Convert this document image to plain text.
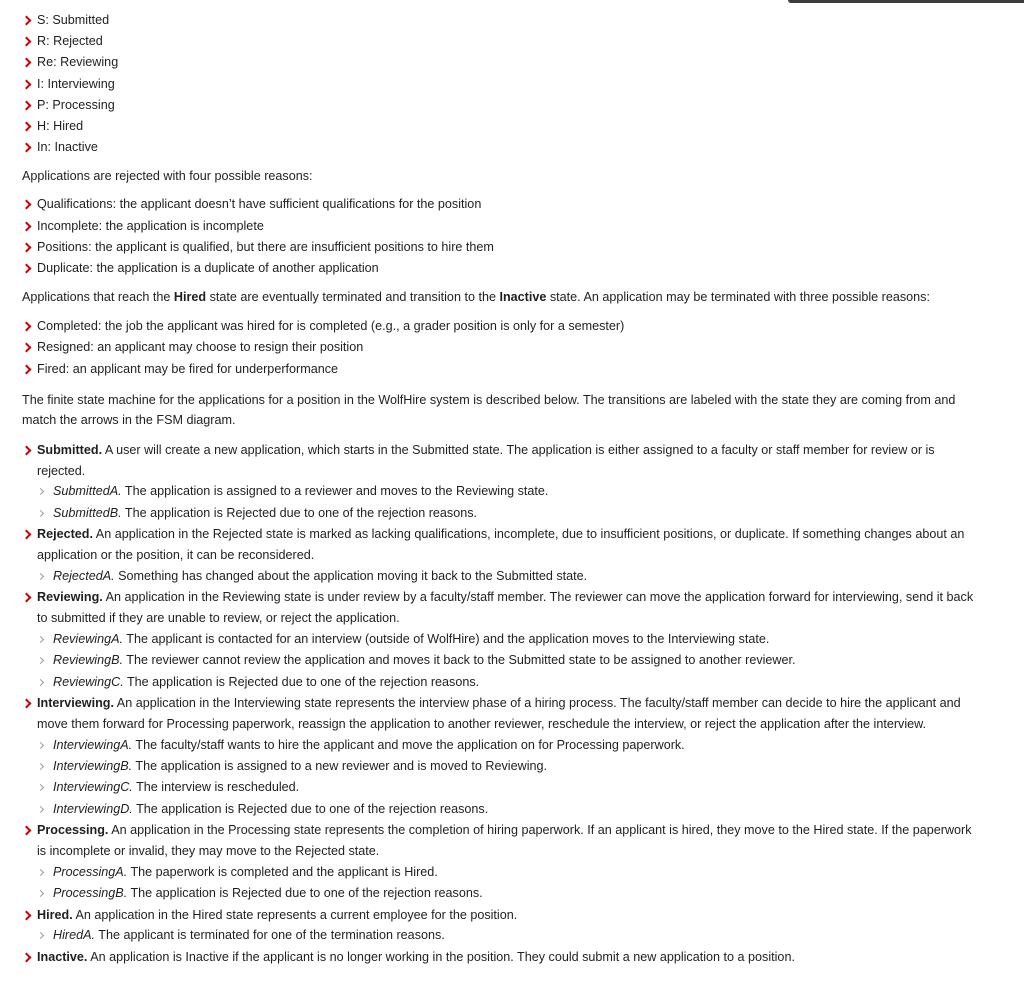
S: Submitted
R: Rejected
Re: Reviewing
I: Interviewing
P: Processing
H: Hired
In: Inactive

Applications are rejected with four possible reasons:

Qualifications: the applicant doesn’t have sufficient qualifications for the position
Incomplete: the application is incomplete
Positions: the applicant is qualified, but there are insufficient positions to hire them
Duplicate: the application is a duplicate of another application

Applications that reach the Hired state are eventually terminated and transition to the Inactive state. An application may be terminated with three possible reasons:

Completed: the job the applicant was hired for is completed (e.g., a grader position is only for a semester)
Resigned: an applicant may choose to resign their position
Fired: an applicant may be fired for underperformance

The finite state machine for the applications for a position in the WolfHire system is described below. The transitions are labeled with the state they are coming from and match the arrows in the FSM diagram.

Submitted. A user will create a new application, which starts in the Submitted state. The application is either assigned to a faculty or staff member for review or is rejected.
SubmittedA. The application is assigned to a reviewer and moves to the Reviewing state.
SubmittedB. The application is Rejected due to one of the rejection reasons.
Rejected. An application in the Rejected state is marked as lacking qualifications, incomplete, due to insufficient positions, or duplicate. If something changes about an application or the position, it can be reconsidered.
RejectedA. Something has changed about the application moving it back to the Submitted state.
Reviewing. An application in the Reviewing state is under review by a faculty/staff member. The reviewer can move the application forward for interviewing, send it back to submitted if they are unable to review, or reject the application.
ReviewingA. The applicant is contacted for an interview (outside of WolfHire) and the application moves to the Interviewing state.
ReviewingB. The reviewer cannot review the application and moves it back to the Submitted state to be assigned to another reviewer.
ReviewingC. The application is Rejected due to one of the rejection reasons.
Interviewing. An application in the Interviewing state represents the interview phase of a hiring process. The faculty/staff member can decide to hire the applicant and move them forward for Processing paperwork, reassign the application to another reviewer, reschedule the interview, or reject the application after the interview.
InterviewingA. The faculty/staff wants to hire the applicant and move the application on for Processing paperwork.
InterviewingB. The application is assigned to a new reviewer and is moved to Reviewing.
InterviewingC. The interview is rescheduled.
InterviewingD. The application is Rejected due to one of the rejection reasons.
Processing. An application in the Processing state represents the completion of hiring paperwork. If an applicant is hired, they move to the Hired state. If the paperwork is incomplete or invalid, they may move to the Rejected state.
ProcessingA. The paperwork is completed and the applicant is Hired.
ProcessingB. The application is Rejected due to one of the rejection reasons.
Hired. An application in the Hired state represents a current employee for the position.
HiredA. The applicant is terminated for one of the termination reasons.
Inactive. An application is Inactive if the applicant is no longer working in the position. They could submit a new application to a position.
